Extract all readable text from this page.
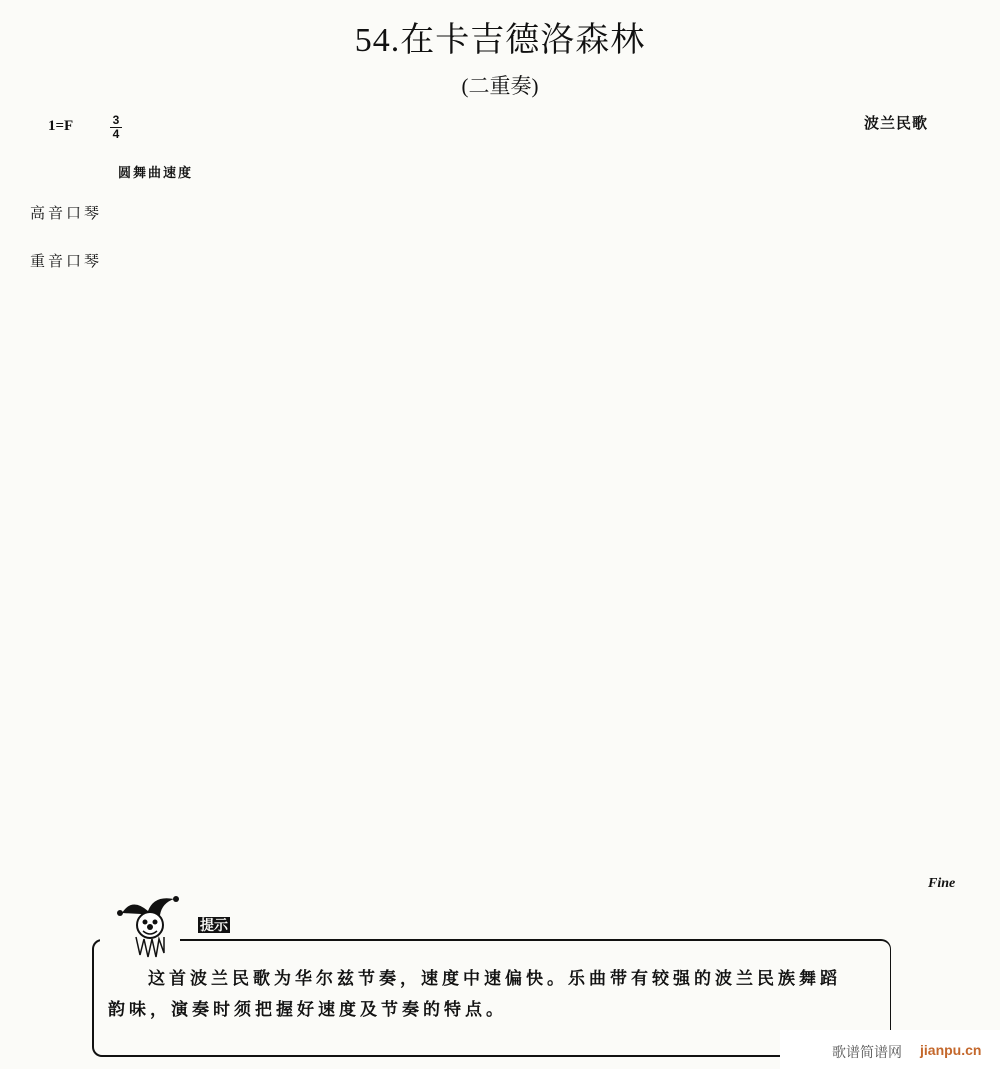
54.在卡吉德洛森林
(二重奏)
1=F	3
4
波兰民歌
圆舞曲速度
高音口琴
重音口琴
Fine
提示
这首波兰民歌为华尔兹节奏，速度中速偏快。乐曲带有较强的波兰民族舞蹈
韵味，演奏时须把握好速度及节奏的特点。
歌谱简谱网 jianpu.cn
